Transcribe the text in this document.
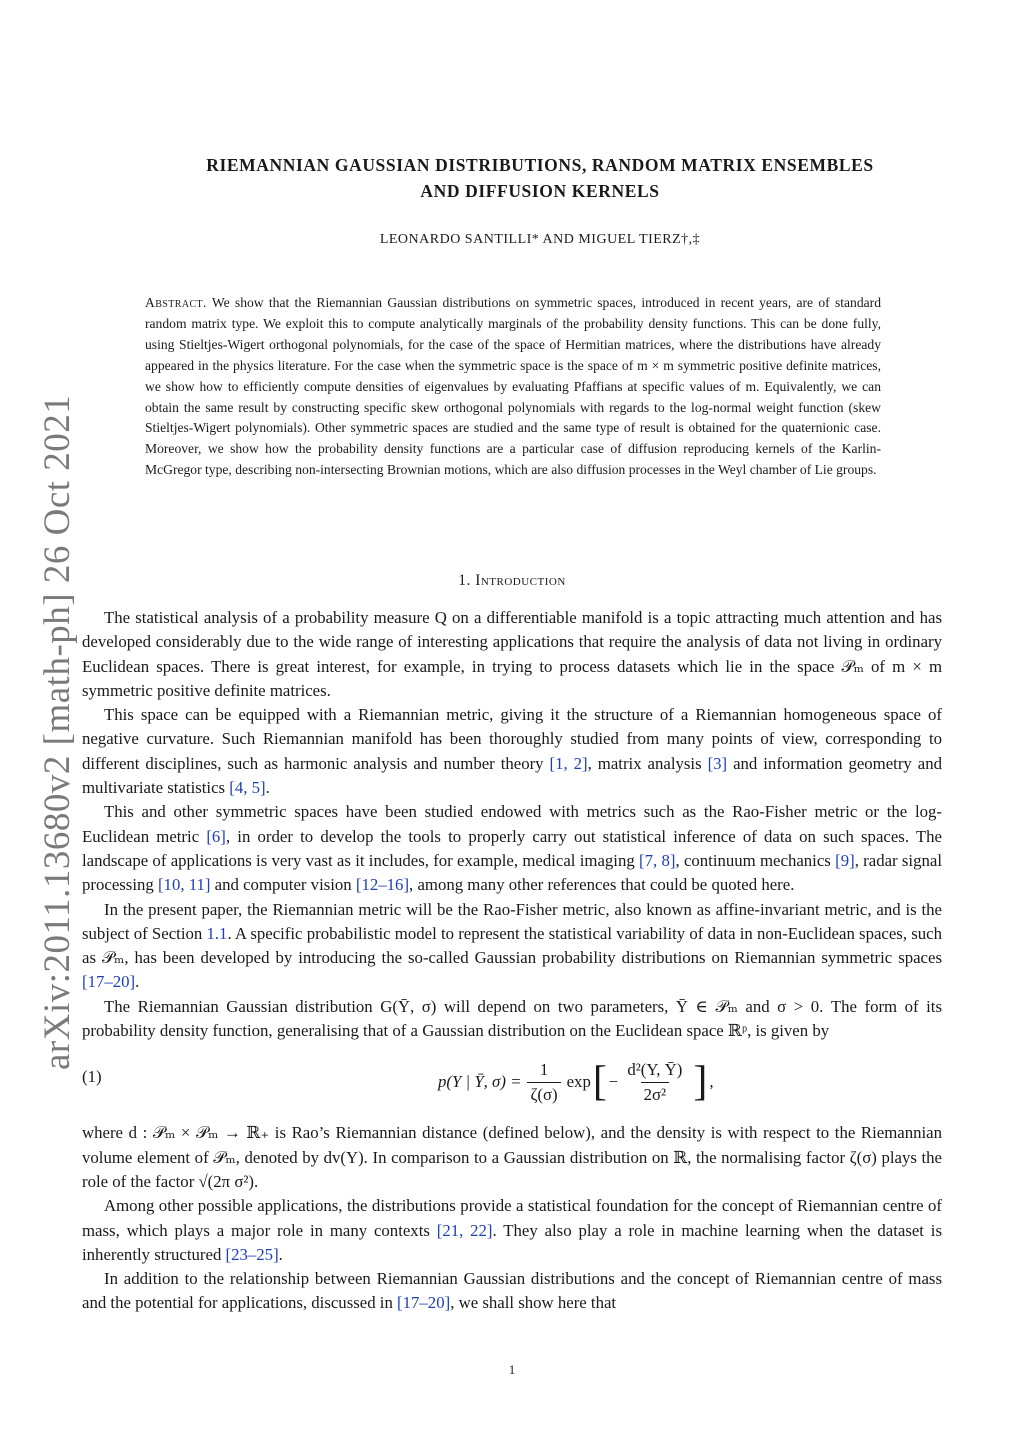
arXiv:2011.13680v2 [math-ph] 26 Oct 2021
RIEMANNIAN GAUSSIAN DISTRIBUTIONS, RANDOM MATRIX ENSEMBLES
AND DIFFUSION KERNELS
LEONARDO SANTILLI* AND MIGUEL TIERZ†,‡
Abstract. We show that the Riemannian Gaussian distributions on symmetric spaces, introduced in recent years, are of standard random matrix type. We exploit this to compute analytically marginals of the probability density functions. This can be done fully, using Stieltjes-Wigert orthogonal polynomials, for the case of the space of Hermitian matrices, where the distributions have already appeared in the physics literature. For the case when the symmetric space is the space of m × m symmetric positive definite matrices, we show how to efficiently compute densities of eigenvalues by evaluating Pfaffians at specific values of m. Equivalently, we can obtain the same result by constructing specific skew orthogonal polynomials with regards to the log-normal weight function (skew Stieltjes-Wigert polynomials). Other symmetric spaces are studied and the same type of result is obtained for the quaternionic case. Moreover, we show how the probability density functions are a particular case of diffusion reproducing kernels of the Karlin-McGregor type, describing non-intersecting Brownian motions, which are also diffusion processes in the Weyl chamber of Lie groups.
1. Introduction

The statistical analysis of a probability measure Q on a differentiable manifold is a topic attracting much attention and has developed considerably due to the wide range of interesting applications that require the analysis of data not living in ordinary Euclidean spaces. There is great interest, for example, in trying to process datasets which lie in the space 𝒫ₘ of m × m symmetric positive definite matrices.

This space can be equipped with a Riemannian metric, giving it the structure of a Riemannian homogeneous space of negative curvature. Such Riemannian manifold has been thoroughly studied from many points of view, corresponding to different disciplines, such as harmonic analysis and number theory [1, 2], matrix analysis [3] and information geometry and multivariate statistics [4, 5].

This and other symmetric spaces have been studied endowed with metrics such as the Rao-Fisher metric or the log-Euclidean metric [6], in order to develop the tools to properly carry out statistical inference of data on such spaces. The landscape of applications is very vast as it includes, for example, medical imaging [7, 8], continuum mechanics [9], radar signal processing [10, 11] and computer vision [12–16], among many other references that could be quoted here.

In the present paper, the Riemannian metric will be the Rao-Fisher metric, also known as affine-invariant metric, and is the subject of Section 1.1. A specific probabilistic model to represent the statistical variability of data in non-Euclidean spaces, such as 𝒫ₘ, has been developed by introducing the so-called Gaussian probability distributions on Riemannian symmetric spaces [17–20].

The Riemannian Gaussian distribution G(Ȳ, σ) will depend on two parameters, Ȳ ∈ 𝒫ₘ and σ > 0. The form of its probability density function, generalising that of a Gaussian distribution on the Euclidean space ℝᵖ, is given by

(1)	p(Y | Ȳ, $\sigma) = \frac{1}{\zeta(\sigma)}$ exp [ − $\frac{\text{d²(Y, Ȳ)}}{\text{2σ²}}$ ] ,

where d : 𝒫ₘ × 𝒫ₘ → ℝ₊ is Rao’s Riemannian distance (defined below), and the density is with respect to the Riemannian volume element of 𝒫ₘ, denoted by dv(Y). In comparison to a Gaussian distribution on ℝ, the normalising factor ζ(σ) plays the role of the factor √(2π σ²).

Among other possible applications, the distributions provide a statistical foundation for the concept of Riemannian centre of mass, which plays a major role in many contexts [21, 22]. They also play a role in machine learning when the dataset is inherently structured [23–25].

In addition to the relationship between Riemannian Gaussian distributions and the concept of Riemannian centre of mass and the potential for applications, discussed in [17–20], we shall show here that

1
